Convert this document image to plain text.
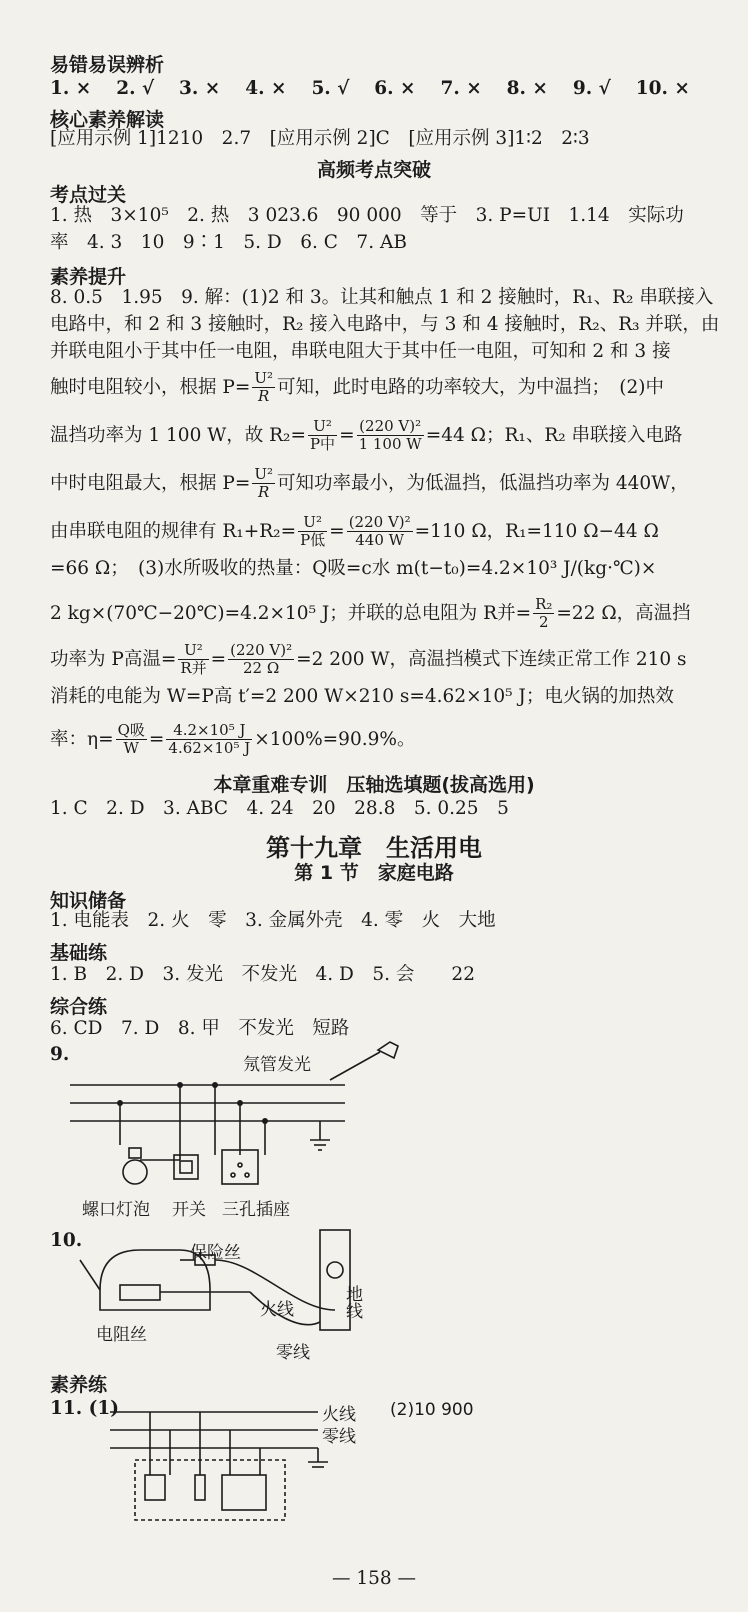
易错易误辨析
1. ×　 2. √　 3. ×　 4. ×　 5. √　 6. ×　 7. ×　 8. ×　 9. √　 10. ×
核心素养解读
[应用示例 1]1210　2.7　[应用示例 2]C　[应用示例 3]1∶2　2∶3
高频考点突破
考点过关
1. 热　3×10⁵　2. 热　3 023.6　90 000　等于　3. P=UI　1.14　实际功
率　4. 3　10　9∶1　5. D　6. C　7. AB
素养提升
8. 0.5　1.95　9. 解：(1)2 和 3。让其和触点 1 和 2 接触时，R₁、R₂ 串联接入
电路中，和 2 和 3 接触时，R₂ 接入电路中，与 3 和 4 接触时，R₂、R₃ 并联，由
并联电阻小于其中任一电阻，串联电阻大于其中任一电阻，可知和 2 和 3 接
触时电阻较小，根据 $P= \frac{\text{U²}}{R}$ 可知，此时电路的功率较大，为中温挡；　(2)中
温挡功率为 1 100 W，故 $R_2= \frac{\text{U²}}{\text{P中}} = \frac{\text{(220 V)²}}{1 100 W} =44$ Ω；R₁、R₂ 串联接入电路
中时电阻最大，根据 $P= \frac{\text{U²}}{R}$ 可知功率最小，为低温挡，低温挡功率为 440W，
由串联电阻的规律有 $R_1+R_2= \frac{\text{U²}}{\text{P低}} = \frac{\text{(220 V)²}}{440 W} =110$ Ω，R₁=110 Ω−44 Ω
=66 Ω；　(3)水所吸收的热量：Q吸=c水 m(t−t₀)=4.2×10³ J/(kg·℃)×
2 kg×(70℃−20℃)=4.2×10⁵ J；并联的总电阻为 R并= $\frac{\text{R₂}}{2} =22$ Ω，高温挡
功率为 P高温= $\frac{\text{U²}}{\text{R并}} = \frac{\text{(220 V)²}}{22 \Omega} =2$ 200 W，高温挡模式下连续正常工作 210 s
消耗的电能为 W=P高 t′=2 200 W×210 s=4.62×10⁵ J；电火锅的加热效
率：$\eta= \frac{\text{Q吸}}{W} = \frac{\text{4.2×10⁵ J}}{\text{4.62×10⁵ J}} \times 100\%=90.9\%$。
本章重难专训　压轴选填题(拔高选用)
1. C　2. D　3. ABC　4. 24　20　28.8　5. 0.25　5
第十九章　生活用电
第 1 节　家庭电路
知识储备
1. 电能表　2. 火　零　3. 金属外壳　4. 零　火　大地
基础练
1. B　2. D　3. 发光　不发光　4. D　5. 会　　22
综合练
6. CD　7. D　8. 甲　不发光　短路
9.	氖管发光
螺口灯泡 开关 三孔插座
10.
保险丝
火线	地线
电阻丝
零线
素养练
11. (1)	火线
零线
(2)10 900
— 158 —
